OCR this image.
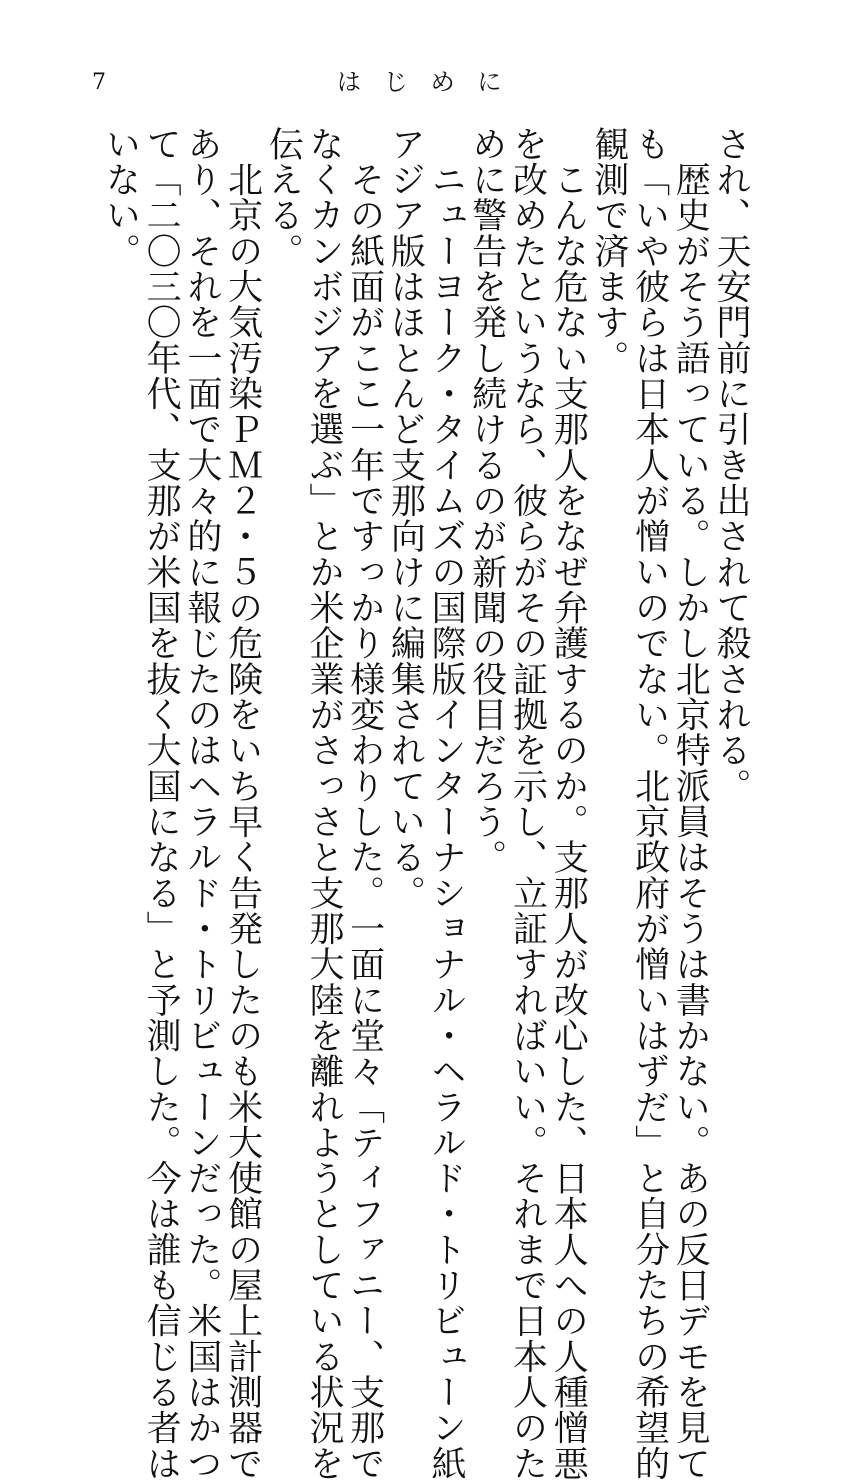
7	はじめに
され、天安門前に引き出されて殺される。
　歴史がそう語っている。しかし北京特派員はそうは書かない。あの反日デモを見て
も「いや彼らは日本人が憎いのでない。北京政府が憎いはずだ」と自分たちの希望的
観測で済ます。
　こんな危ない支那人をなぜ弁護するのか。支那人が改心した、日本人への人種憎悪
を改めたというなら、彼らがその証拠を示し、立証すればいい。それまで日本人のた
めに警告を発し続けるのが新聞の役目だろう。
　ニューヨーク・タイムズの国際版インターナショナル・ヘラルド・トリビューン紙
アジア版はほとんど支那向けに編集されている。
　その紙面がここ一年ですっかり様変わりした。一面に堂々「ティファニー、支那で
なくカンボジアを選ぶ」とか米企業がさっさと支那大陸を離れようとしている状況を
伝える。
　北京の大気汚染ＰＭ２・５の危険をいち早く告発したのも米大使館の屋上計測器で
あり、それを一面で大々的に報じたのはヘラルド・トリビューンだった。米国はかつ
て「二〇三〇年代、支那が米国を抜く大国になる」と予測した。今は誰も信じる者は
いない。
